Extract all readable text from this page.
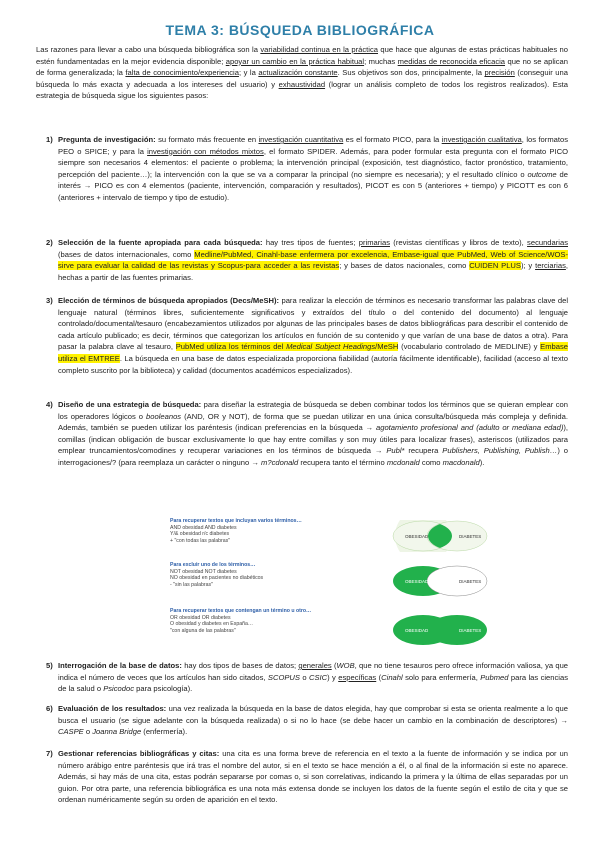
TEMA 3: BÚSQUEDA BIBLIOGRÁFICA
Las razones para llevar a cabo una búsqueda bibliográfica son la variabilidad continua en la práctica que hace que algunas de estas prácticas habituales no estén fundamentadas en la mejor evidencia disponible; apoyar un cambio en la práctica habitual; muchas medidas de reconocida eficacia que no se aplican de forma generalizada; la falta de conocimiento/experiencia; y la actualización constante. Sus objetivos son dos, principalmente, la precisión (conseguir una búsqueda lo más exacta y adecuada a los intereses del usuario) y exhaustividad (lograr un análisis completo de todos los registros realizados). Esta estrategia de búsqueda sigue los siguientes pasos:
1) Pregunta de investigación: su formato más frecuente en investigación cuantitativa es el formato PICO, para la investigación cualitativa, los formatos PEO o SPICE; y para la investigación con métodos mixtos, el formato SPIDER. Además, para poder formular esta pregunta con el formato PICO siempre son necesarios 4 elementos: el paciente o problema; la intervención principal (exposición, test diagnóstico, factor pronóstico, tratamiento, percepción del paciente…); la intervención con la que se va a comparar la principal (no siempre es necesaria); y el resultado clínico o outcome de interés → PICO es con 4 elementos (paciente, intervención, comparación y resultados), PICOT es con 5 (anteriores + tiempo) y PICOTT es con 6 (anteriores + intervalo de tiempo y tipo de estudio).
2) Selección de la fuente apropiada para cada búsqueda: hay tres tipos de fuentes; primarias (revistas científicas y libros de texto), secundarias (bases de datos internacionales, como Medline/PubMed, Cinahl-base enfermera por excelencia, Embase-igual que PubMed, Web of Science/WOS-sirve para evaluar la calidad de las revistas y Scopus-para acceder a las revistas; y bases de datos nacionales, como CUIDEN PLUS); y terciarias, hechas a partir de las fuentes primarias.
3) Elección de términos de búsqueda apropiados (Decs/MeSH): para realizar la elección de términos es necesario transformar las palabras clave del lenguaje natural (términos libres, suficientemente significativos y extraídos del título o del contenido del documento) al lenguaje controlado/documental/tesauro (encabezamientos utilizados por algunas de las principales bases de datos bibliográficas para describir el contenido de cada artículo publicado; es decir, términos que categorizan los artículos en función de su contenido y que varían de una base de datos a otra). Para pasar la palabra clave al tesauro, PubMed utiliza los términos del Medical Subject Headings/MeSH (vocabulario controlado de MEDLINE) y Embase utiliza el EMTREE. La búsqueda en una base de datos especializada proporciona fiabilidad (autoría fácilmente identificable), facilidad (acceso al texto completo suscrito por la biblioteca) y calidad (documentos académicos especializados).
4) Diseño de una estrategia de búsqueda: para diseñar la estrategia de búsqueda se deben combinar todos los términos que se quieran emplear con los operadores lógicos o booleanos (AND, OR y NOT), de forma que se puedan utilizar en una única consulta/búsqueda más compleja y definida. Además, también se pueden utilizar los paréntesis (indican preferencias en la búsqueda → agotamiento profesional and (adulto or mediana edad)), comillas (indican obligación de buscar exclusivamente lo que hay entre comillas y son muy útiles para localizar frases), asteriscos (utilizados para emplear truncamientos/comodines y recuperar variaciones en los términos de búsqueda → Publ* recupera Publishers, Publishing, Publish…) o interrogaciones/? (para reemplaza un carácter o ninguno → m?cdonald recupera tanto el término mcdonald como macdonald).
Para recuperar textos que incluyan varios términos…
AND obesidad AND diabetes
Y/& obesidad r/c diabetes
+ "con todas las palabras"
OBESIDAD	DIABETES
Para excluir uno de los términos…
NOT obesidad NOT diabetes
NO obesidad en pacientes no diabéticos
- "sin las palabras"
OBESIDAD	DIABETES
Para recuperar textos que contengan un término u otro…
OR obesidad OR diabetes
O obesidad y diabetes en España…
"con alguna de las palabras"	OBESIDAD	DIABETES
5) Interrogación de la base de datos: hay dos tipos de bases de datos; generales (WOB, que no tiene tesauros pero ofrece información valiosa, ya que indica el número de veces que los artículos han sido citados, SCOPUS o CSIC) y específicas (Cinahl solo para enfermería, Pubmed para las ciencias de la salud o Psicodoc para psicología).
6) Evaluación de los resultados: una vez realizada la búsqueda en la base de datos elegida, hay que comprobar si esta se orienta realmente a lo que busca el usuario (se sigue adelante con la búsqueda realizada) o si no lo hace (se debe hacer un cambio en la combinación de descriptores) → CASPE o Joanna Bridge (enfermería).
7) Gestionar referencias bibliográficas y citas: una cita es una forma breve de referencia en el texto a la fuente de información y se indica por un número arábigo entre paréntesis que irá tras el nombre del autor, si en el texto se hace mención a él, o al final de la información si este no aparece. Además, si hay más de una cita, estas podrán separarse por comas o, si son correlativas, indicando la primera y la última de ellas separadas por un guion. Por otra parte, una referencia bibliográfica es una nota más extensa donde se incluyen los datos de la fuente según el estilo de cita y que se ordenan numéricamente según su orden de aparición en el texto.
